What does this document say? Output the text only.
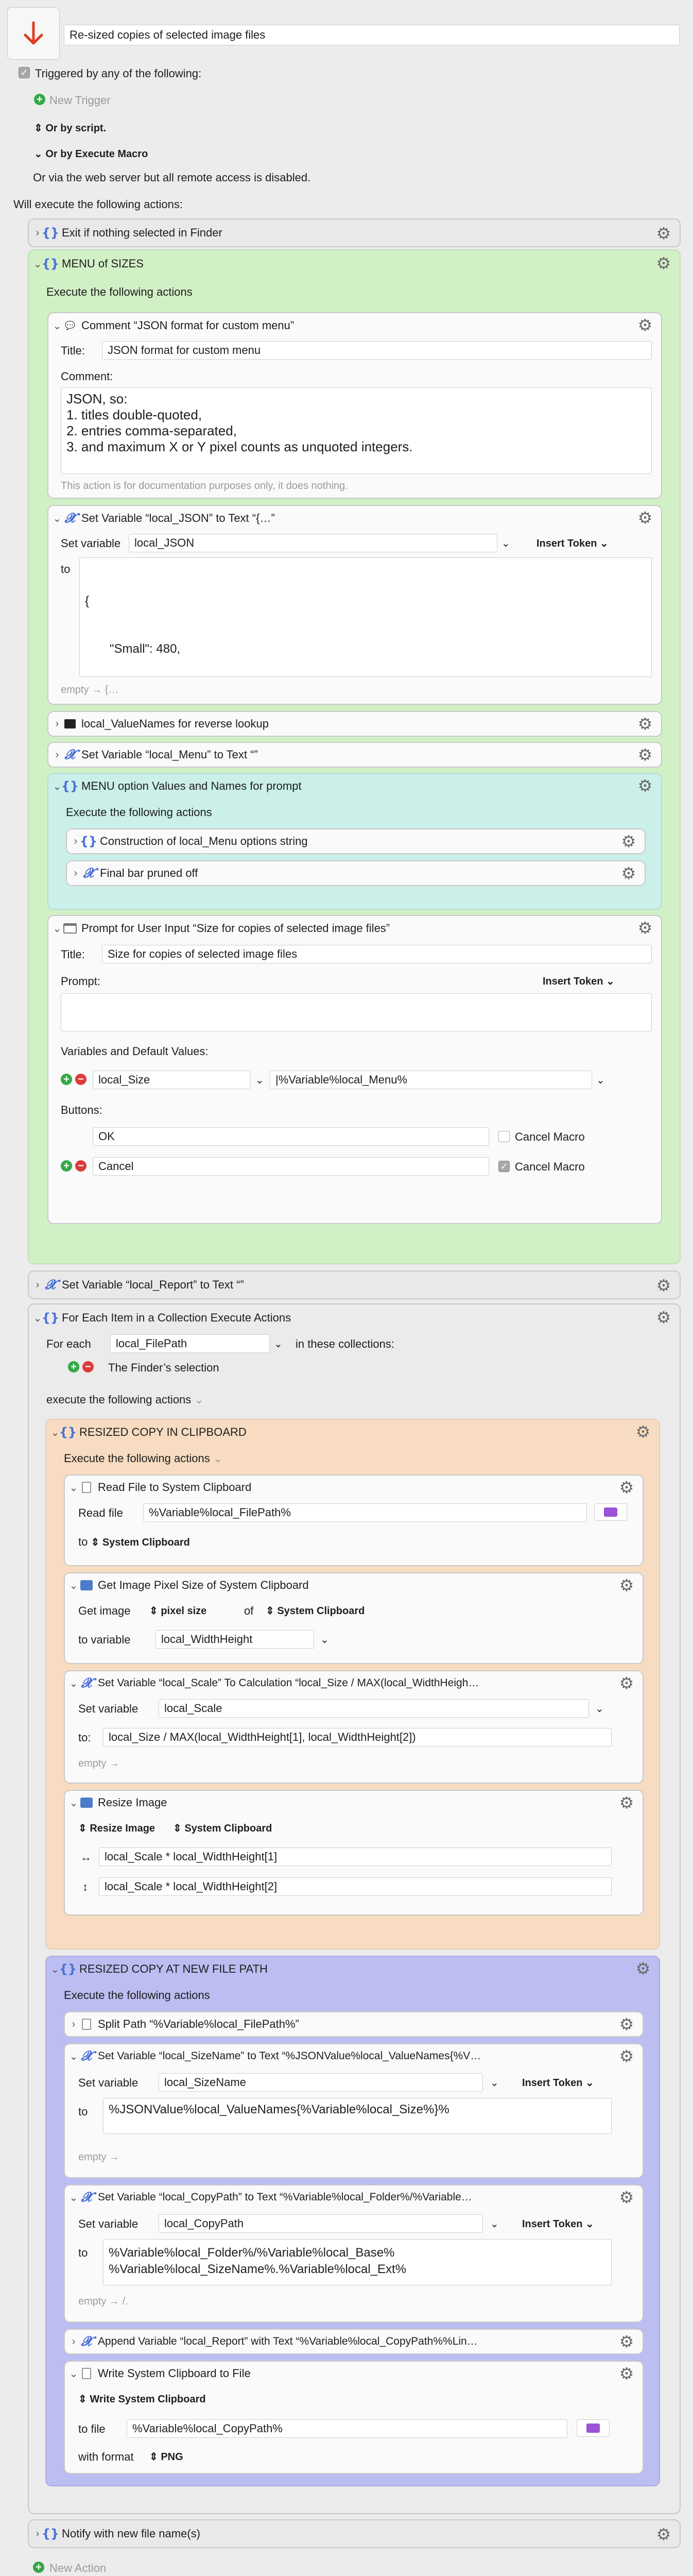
Re-sized copies of selected image files
✓ Triggered by any of the following:
+ New Trigger
⇕ Or by script.
⌄ Or by Execute Macro
Or via the web server but all remote access is disabled.
Will execute the following actions:
› {} Exit if nothing selected in Finder	⚙
⌄ {} MENU of SIZES	⚙
Execute the following actions
⌄ 💬 Comment “JSON format for custom menu”	⚙
Title:	JSON format for custom menu
Comment:
JSON, so:
1. titles double-quoted,
2. entries comma-separated,
3. and maximum X or Y pixel counts as unquoted integers.
This action is for documentation purposes only, it does nothing.
⌄ 𝓧 Set Variable “local_JSON” to Text “{…”	⚙
Set variable	local_JSON	⌄	Insert Token ⌄
to

{

"Small": 480,

empty → {…
›	local_ValueNames for reverse lookup	⚙
› 𝓧 Set Variable “local_Menu” to Text “”	⚙
⌄ {} MENU option Values and Names for prompt	⚙
Execute the following actions
› {} Construction of local_Menu options string	⚙
› 𝓧 Final bar pruned off	⚙
⌄ Prompt for User Input “Size for copies of selected image files”	⚙
Title:	Size for copies of selected image files
Prompt:	Insert Token ⌄
Variables and Default Values:
+ −	local_Size	⌄	|%Variable%local_Menu%	⌄
Buttons:
OK	Cancel Macro
+ −	Cancel	✓ Cancel Macro
› 𝓧 Set Variable “local_Report” to Text “”	⚙
⌄ {} For Each Item in a Collection Execute Actions	⚙
For each	local_FilePath	⌄ in these collections:
+ − The Finder’s selection
execute the following actions ⌄
⌄ {} RESIZED COPY IN CLIPBOARD	⚙
Execute the following actions ⌄
⌄ Read File to System Clipboard	⚙
Read file	%Variable%local_FilePath%
to ⇕ System Clipboard
⌄ Get Image Pixel Size of System Clipboard	⚙
Get image ⇕ pixel size	of ⇕ System Clipboard
to variable	local_WidthHeight	⌄
⌄ 𝓧 Set Variable “local_Scale” To Calculation “local_Size / MAX(local_WidthHeigh…	⚙
Set variable	local_Scale	⌄
to:	local_Size / MAX(local_WidthHeight[1], local_WidthHeight[2])
empty →
⌄ Resize Image	⚙
⇕ Resize Image ⇕ System Clipboard
↔	local_Scale * local_WidthHeight[1]
↕	local_Scale * local_WidthHeight[2]
⌄ {} RESIZED COPY AT NEW FILE PATH	⚙
Execute the following actions
›	Split Path “%Variable%local_FilePath%”	⚙
⌄ 𝓧 Set Variable “local_SizeName” to Text “%JSONValue%local_ValueNames{%V…	⚙
Set variable	local_SizeName	⌄ Insert Token ⌄
to	%JSONValue%local_ValueNames{%Variable%local_Size%}%
empty →
⌄ 𝓧 Set Variable “local_CopyPath” to Text “%Variable%local_Folder%/%Variable…	⚙
Set variable	local_CopyPath	⌄ Insert Token ⌄
to %Variable%local_Folder%/%Variable%local_Base%
%Variable%local_SizeName%.%Variable%local_Ext%
empty → /.
› 𝓧 Append Variable “local_Report” with Text “%Variable%local_CopyPath%%Lin…	⚙
⌄ Write System Clipboard to File	⚙
⇕ Write System Clipboard
to file	%Variable%local_CopyPath%
with format ⇕ PNG
› {} Notify with new file name(s)	⚙
+ New Action
